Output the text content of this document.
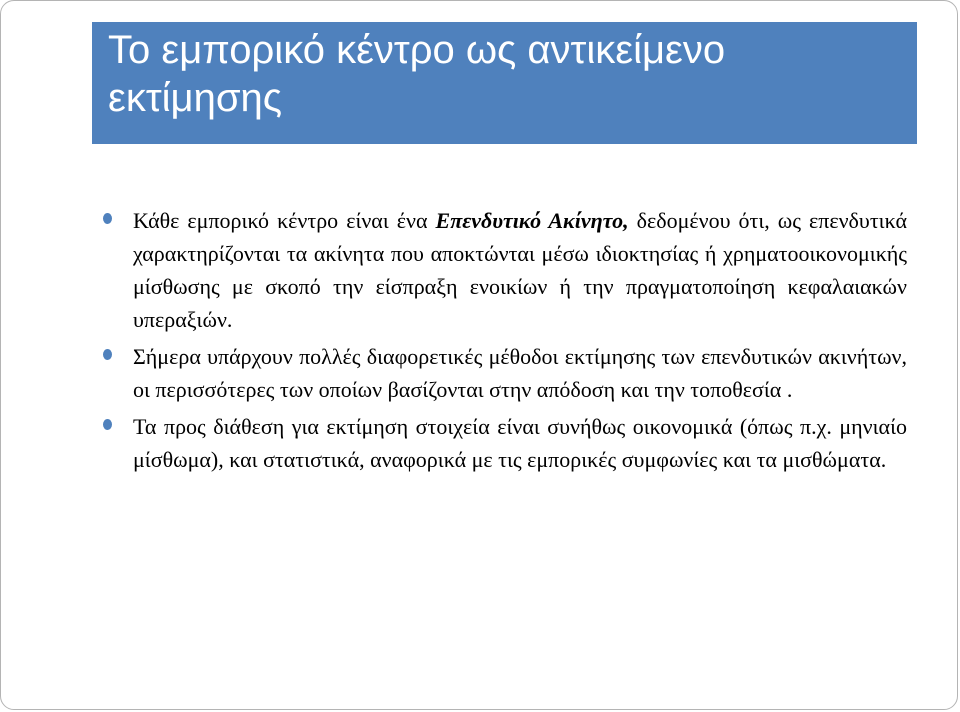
Το εμπορικό κέντρο ως αντικείμενο εκτίμησης
Κάθε εμπορικό κέντρο είναι ένα Επενδυτικό Ακίνητο, δεδομένου ότι, ως επενδυτικά χαρακτηρίζονται τα ακίνητα που αποκτώνται μέσω ιδιοκτησίας ή χρηματοοικονομικής μίσθωσης με σκοπό την είσπραξη ενοικίων ή την πραγματοποίηση κεφαλαιακών υπεραξιών.
Σήμερα υπάρχουν πολλές διαφορετικές μέθοδοι εκτίμησης των επενδυτικών ακινήτων, οι περισσότερες των οποίων βασίζονται στην απόδοση και την τοποθεσία .
Τα προς διάθεση για εκτίμηση στοιχεία είναι συνήθως οικονομικά (όπως π.χ. μηνιαίο μίσθωμα), και στατιστικά, αναφορικά με τις εμπορικές συμφωνίες και τα μισθώματα.
